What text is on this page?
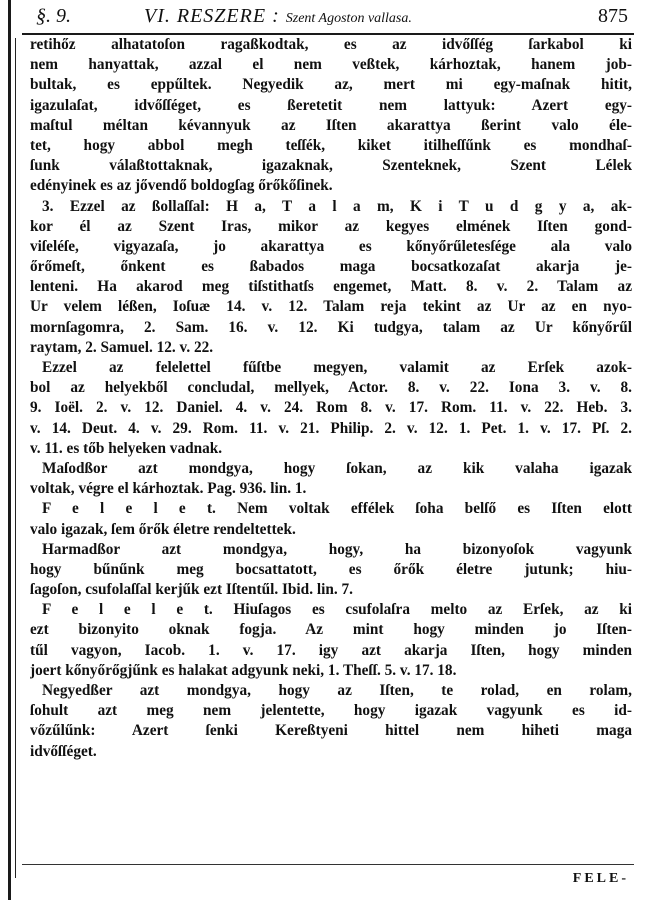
§. 9.	VI. RESZERE : Szent Agoston vallasa.	875
retihőz alhatatoſon ragaßkodtak, es az idvőſſég ſarkabol ki
nem hanyattak, azzal el nem veßtek, kárhoztak, hanem job-
bultak, es eppűltek. Negyedik az, mert mi egy-maſnak hitit,
igazulaſat, idvőſſéget, es ßeretetit nem lattyuk: Azert egy-
maſtul méltan kévannyuk az Iſten akarattya ßerint valo éle-
tet, hogy abbol megh teſſék, kiket itilheſſűnk es mondhaſ-
ſunk válaßtottaknak, igazaknak, Szenteknek, Szent Lélek
edényinek es az jővendő boldogſag őrőkőſinek.
3. Ezzel az ßollaſſal: H a, T a l a m, K i T u d g y a, ak-
kor él az Szent Iras, mikor az kegyes elmének Iſten gond-
viſeléſe, vigyazaſa, jo akarattya es kőnyőrűletesſége ala valo
őrőmeſt, őnkent es ßabados maga bocsatkozaſat akarja je-
lenteni. Ha akarod meg tiſstithatſs engemet, Matt. 8. v. 2. Talam az
Ur velem léßen, Ioſuæ 14. v. 12. Talam reja tekint az Ur az en nyo-
mornſagomra, 2. Sam. 16. v. 12. Ki tudgya, talam az Ur kőnyőrűl
raytam, 2. Samuel. 12. v. 22.
Ezzel az felelettel fűſtbe megyen, valamit az Erſek azok-
bol az helyekből concludal, mellyek, Actor. 8. v. 22. Iona 3. v. 8.
9. Ioël. 2. v. 12. Daniel. 4. v. 24. Rom 8. v. 17. Rom. 11. v. 22. Heb. 3.
v. 14. Deut. 4. v. 29. Rom. 11. v. 21. Philip. 2. v. 12. 1. Pet. 1. v. 17. Pſ. 2.
v. 11. es tőb helyeken vadnak.
Maſodßor azt mondgya, hogy ſokan, az kik valaha igazak
voltak, végre el kárhoztak. Pag. 936. lin. 1.
F e l e l e t. Nem voltak effélek ſoha belſő es Iſten elott
valo igazak, ſem őrők életre rendeltettek.
Harmadßor azt mondgya, hogy, ha bizonyoſok vagyunk
hogy bűnűnk meg bocsattatott, es őrők életre jutunk; hiu-
ſagoſon, csufolaſſal kerjűk ezt Iſtentűl. Ibid. lin. 7.
F e l e l e t. Hiuſagos es csufolaſra melto az Erſek, az ki
ezt bizonyito oknak fogja. Az mint hogy minden jo Iſten-
tűl vagyon, Iacob. 1. v. 17. igy azt akarja Iſten, hogy minden
joert kőnyőrőgjűnk es halakat adgyunk neki, 1. Theſſ. 5. v. 17. 18.
Negyedßer azt mondgya, hogy az Iſten, te rolad, en rolam,
ſohult azt meg nem jelentette, hogy igazak vagyunk es id-
vőzűlűnk: Azert ſenki Kereßtyeni hittel nem hiheti maga
idvőſſéget.
FELE-
